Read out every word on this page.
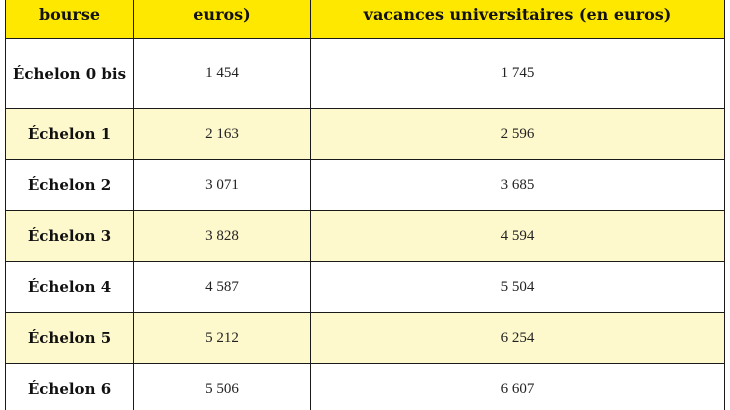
bourse	euros)	vacances universitaires (en euros)
Échelon 0 bis	1 454	1 745
Échelon 1	2 163	2 596
Échelon 2	3 071	3 685
Échelon 3	3 828	4 594
Échelon 4	4 587	5 504
Échelon 5	5 212	6 254
Échelon 6	5 506	6 607
